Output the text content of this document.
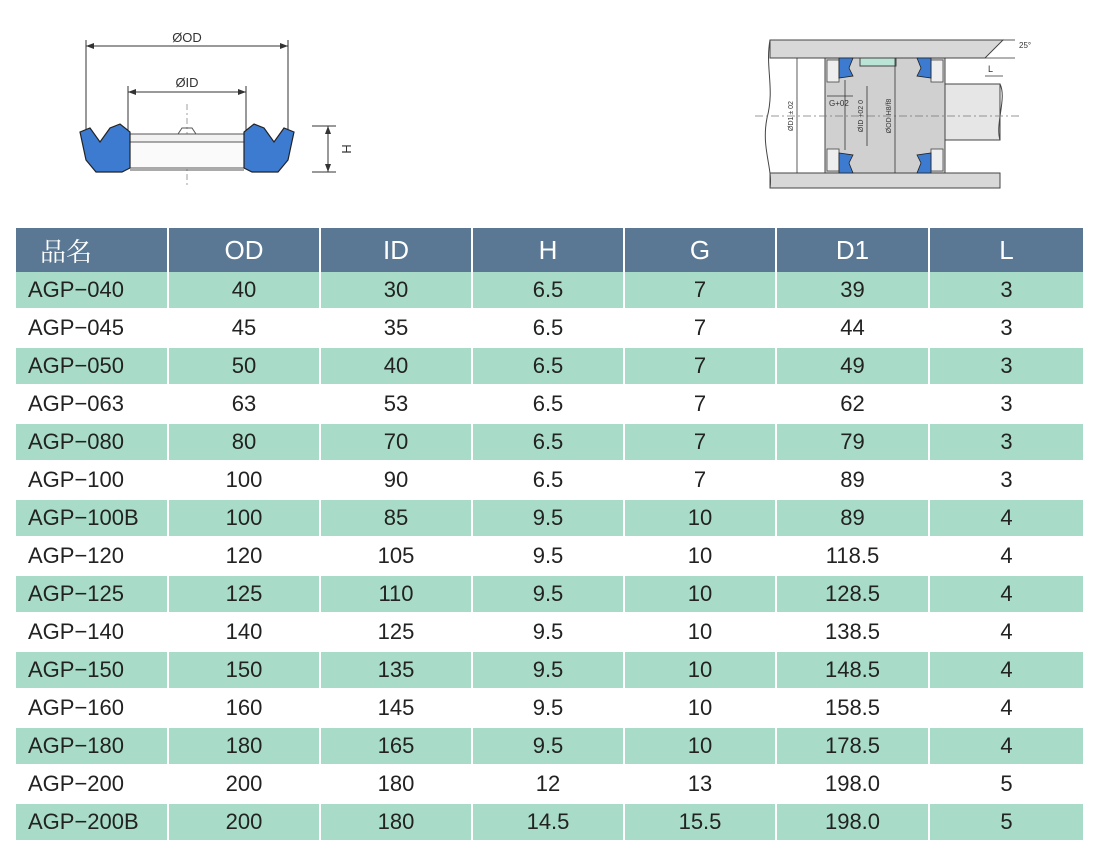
ØOD
ØID
H
ØD1 ± 02	ØID +02 0	ØOD H8/f8
G+02
25°
L
品名	OD	ID	H	G	D1	L
AGP−040	40	30	6.5	7	39	3
AGP−045	45	35	6.5	7	44	3
AGP−050	50	40	6.5	7	49	3
AGP−063	63	53	6.5	7	62	3
AGP−080	80	70	6.5	7	79	3
AGP−100	100	90	6.5	7	89	3
AGP−100B	100	85	9.5	10	89	4
AGP−120	120	105	9.5	10	118.5	4
AGP−125	125	110	9.5	10	128.5	4
AGP−140	140	125	9.5	10	138.5	4
AGP−150	150	135	9.5	10	148.5	4
AGP−160	160	145	9.5	10	158.5	4
AGP−180	180	165	9.5	10	178.5	4
AGP−200	200	180	12	13	198.0	5
AGP−200B	200	180	14.5	15.5	198.0	5
